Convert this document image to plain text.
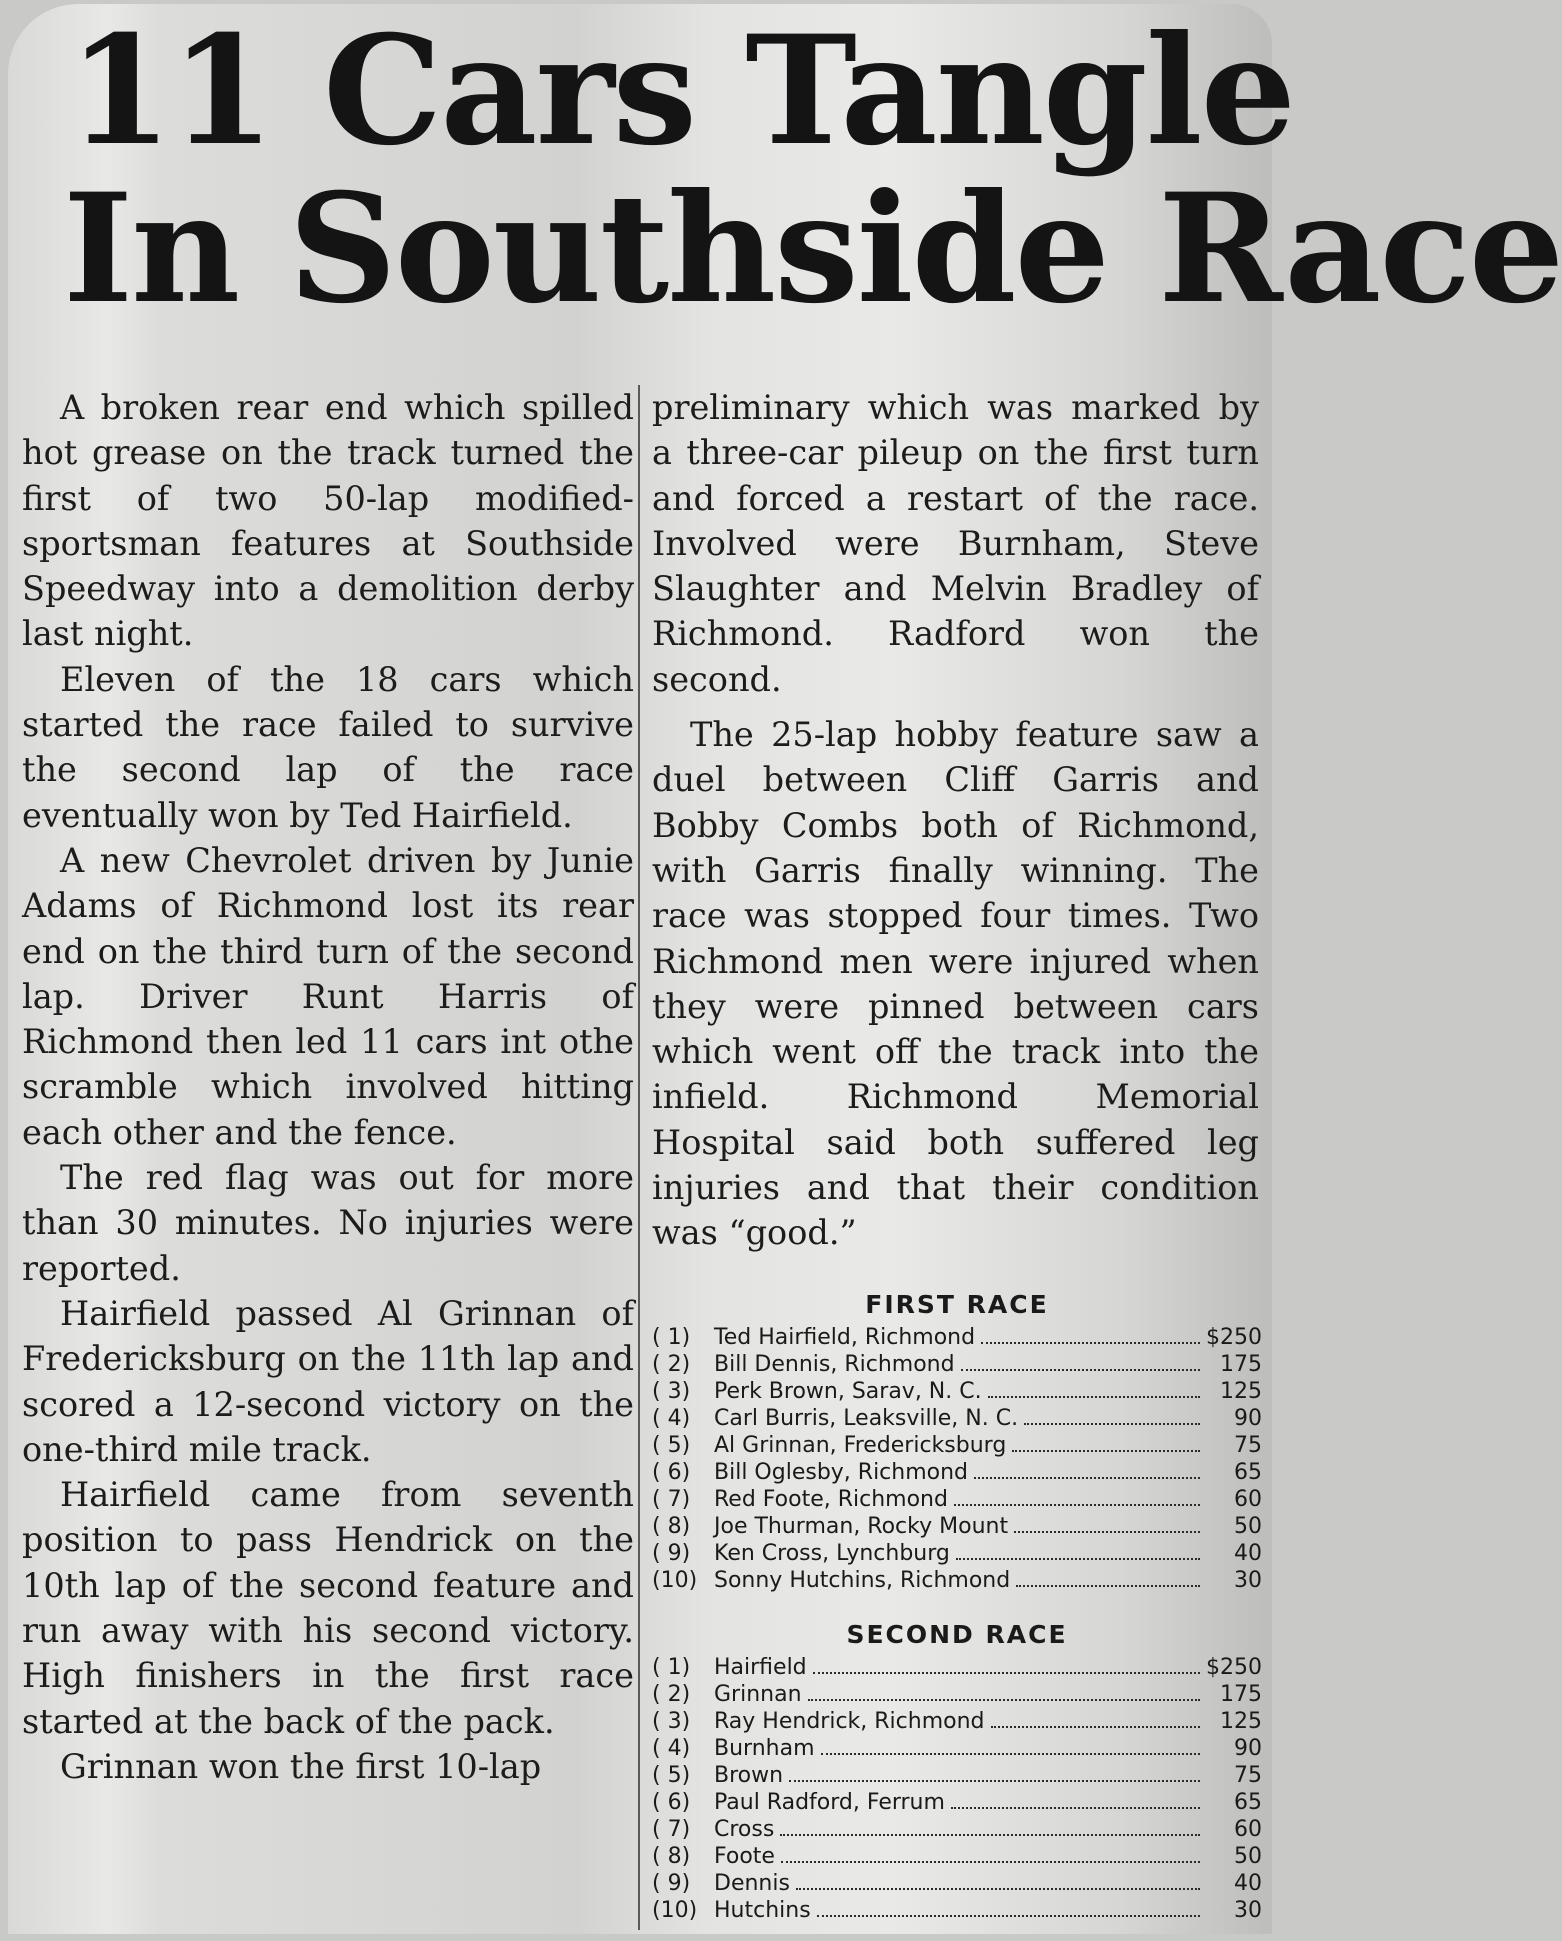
11 Cars Tangle
In Southside Race

A broken rear end which spilled hot grease on the track turned the first of two 50-lap modified-sportsman features at Southside Speedway into a demolition derby last night.

Eleven of the 18 cars which started the race failed to survive the second lap of the race eventually won by Ted Hairfield.

A new Chevrolet driven by Junie Adams of Richmond lost its rear end on the third turn of the second lap. Driver Runt Harris of Richmond then led 11 cars int othe scramble which involved hitting each other and the fence.

The red flag was out for more than 30 minutes. No injuries were reported.

Hairfield passed Al Grinnan of Fredericksburg on the 11th lap and scored a 12-second victory on the one-third mile track.

Hairfield came from seventh position to pass Hendrick on the 10th lap of the second feature and run away with his second victory. High finishers in the first race started at the back of the pack.

Grinnan won the first 10-lap

preliminary which was marked by a three-car pileup on the first turn and forced a restart of the race. Involved were Burnham, Steve Slaughter and Melvin Bradley of Richmond. Radford won the second.

The 25-lap hobby feature saw a duel between Cliff Garris and Bobby Combs both of Richmond, with Garris finally winning. The race was stopped four times. Two Richmond men were injured when they were pinned between cars which went off the track into the infield. Richmond Memorial Hospital said both suffered leg injuries and that their condition was “good.”

FIRST RACE
( 1)	Ted Hairfield, Richmond	$250
( 2)	Bill Dennis, Richmond	175
( 3)	Perk Brown, Sarav, N. C.	125
( 4)	Carl Burris, Leaksville, N. C.	90
( 5)	Al Grinnan, Fredericksburg	75
( 6)	Bill Oglesby, Richmond	65
( 7)	Red Foote, Richmond	60
( 8)	Joe Thurman, Rocky Mount	50
( 9)	Ken Cross, Lynchburg	40
(10) Sonny Hutchins, Richmond	30
SECOND RACE
( 1)	Hairfield	$250
( 2)	Grinnan	175
( 3)	Ray Hendrick, Richmond	125
( 4)	Burnham	90
( 5)	Brown	75
( 6)	Paul Radford, Ferrum	65
( 7)	Cross	60
( 8)	Foote	50
( 9)	Dennis	40
(10) Hutchins	30
